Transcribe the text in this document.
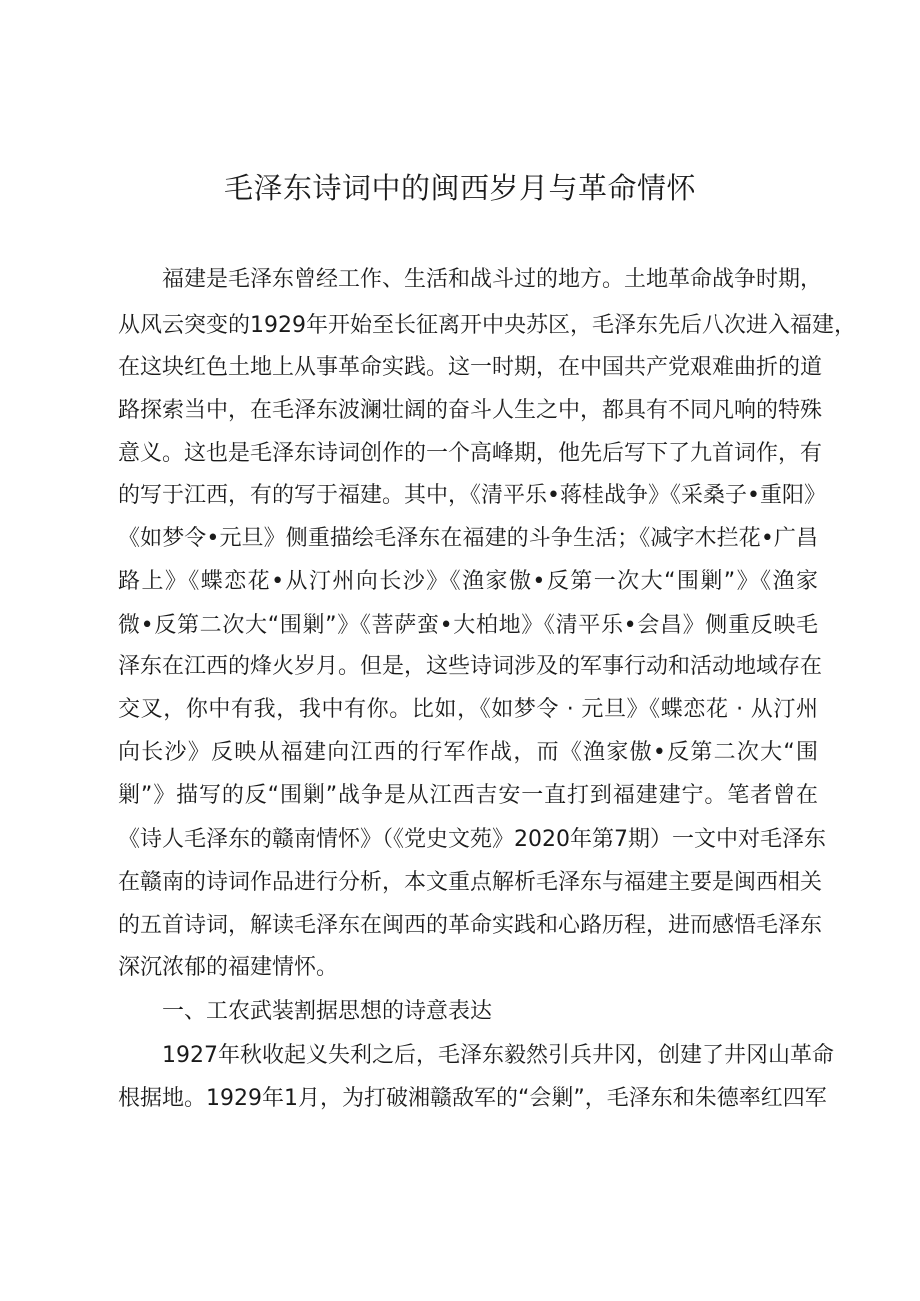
毛泽东诗词中的闽西岁月与革命情怀
福建是毛泽东曾经工作、生活和战斗过的地方。土地革命战争时期，
从风云突变的1929年开始至长征离开中央苏区，毛泽东先后八次进入福建，
在这块红色土地上从事革命实践。这一时期，在中国共产党艰难曲折的道
路探索当中，在毛泽东波澜壮阔的奋斗人生之中，都具有不同凡响的特殊
意义。这也是毛泽东诗词创作的一个高峰期，他先后写下了九首词作，有
的写于江西，有的写于福建。其中，《清平乐•蒋桂战争》《采桑子•重阳》
《如梦令•元旦》侧重描绘毛泽东在福建的斗争生活；《减字木拦花•广昌
路上》《蝶恋花•从汀州向长沙》《渔家傲•反第一次大“围剿”》《渔家
微•反第二次大“围剿”》《菩萨蛮•大柏地》《清平乐•会昌》侧重反映毛
泽东在江西的烽火岁月。但是，这些诗词涉及的军事行动和活动地域存在
交叉，你中有我，我中有你。比如，《如梦令 · 元旦》《蝶恋花 · 从汀州
向长沙》反映从福建向江西的行军作战，而《渔家傲•反第二次大“围
剿”》描写的反“围剿”战争是从江西吉安一直打到福建建宁。笔者曾在
《诗人毛泽东的赣南情怀》（《党史文苑》2020年第7期）一文中对毛泽东
在赣南的诗词作品进行分析，本文重点解析毛泽东与福建主要是闽西相关
的五首诗词，解读毛泽东在闽西的革命实践和心路历程，进而感悟毛泽东
深沉浓郁的福建情怀。
一、工农武装割据思想的诗意表达
1927年秋收起义失利之后，毛泽东毅然引兵井冈，创建了井冈山革命
根据地。1929年1月，为打破湘赣敌军的“会剿”，毛泽东和朱德率红四军
